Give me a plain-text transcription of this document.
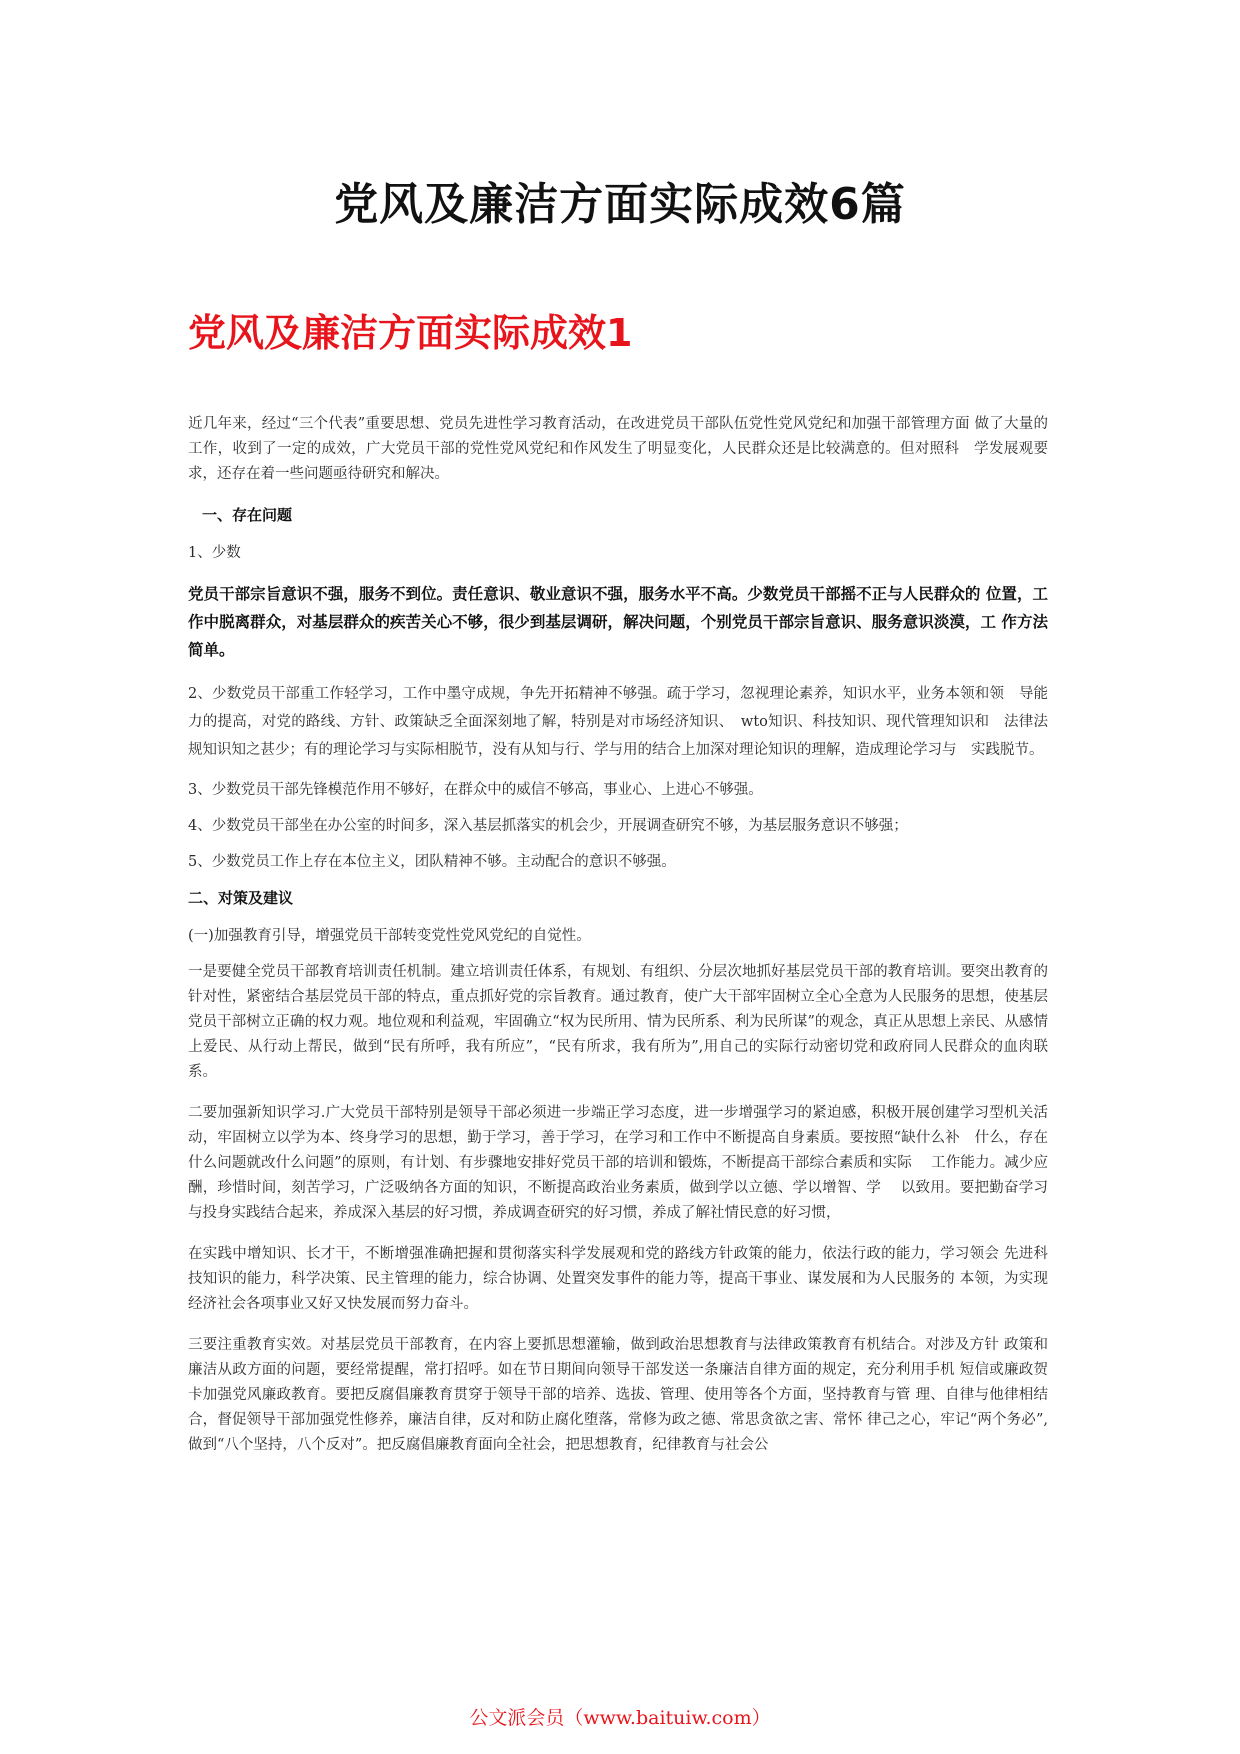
党风及廉洁方面实际成效6篇
党风及廉洁方面实际成效1

近几年来，经过“三个代表”重要思想、党员先进性学习教育活动，在改进党员干部队伍党性党风党纪和加强干部管理方面 做了大量的工作，收到了一定的成效，广大党员干部的党性党风党纪和作风发生了明显变化，人民群众还是比较满意的。但对照科　学发展观要求，还存在着一些问题亟待研究和解决。

一、存在问题

1、少数

党员干部宗旨意识不强，服务不到位。责任意识、敬业意识不强，服务水平不高。少数党员干部摇不正与人民群众的 位置，工　作中脱离群众，对基层群众的疾苦关心不够，很少到基层调研，解决问题，个别党员干部宗旨意识、服务意识淡漠，工 作方法　简单。

2、少数党员干部重工作轻学习，工作中墨守成规，争先开拓精神不够强。疏于学习，忽视理论素养，知识水平，业务本领和领　导能力的提高，对党的路线、方针、政策缺乏全面深刻地了解，特别是对市场经济知识、　wto知识、科技知识、现代管理知识和　法律法规知识知之甚少；有的理论学习与实际相脱节，没有从知与行、学与用的结合上加深对理论知识的理解，造成理论学习与　实践脱节。

3、少数党员干部先锋模范作用不够好，在群众中的威信不够高，事业心、上进心不够强。

4、少数党员干部坐在办公室的时间多，深入基层抓落实的机会少，开展调查研究不够，为基层服务意识不够强；

5、少数党员工作上存在本位主义，团队精神不够。主动配合的意识不够强。

二、对策及建议

(一)加强教育引导，增强党员干部转变党性党风党纪的自觉性。

一是要健全党员干部教育培训责任机制。建立培训责任体系，有规划、有组织、分层次地抓好基层党员干部的教育培训。要突出教育的针对性，紧密结合基层党员干部的特点，重点抓好党的宗旨教育。通过教育，使广大干部牢固树立全心全意为人民服务的思想，使基层党员干部树立正确的权力观。地位观和利益观，牢固确立“权为民所用、情为民所系、利为民所谋”的观念，真正从思想上亲民、从感情上爱民、从行动上帮民，做到“民有所呼，我有所应”，“民有所求，我有所为”,用自己的实际行动密切党和政府同人民群众的血肉联系。

二要加强新知识学习.广大党员干部特别是领导干部必须进一步端正学习态度，进一步增强学习的紧迫感，积极开展创建学习型机关活动，牢固树立以学为本、终身学习的思想，勤于学习，善于学习，在学习和工作中不断提高自身素质。要按照“缺什么补　什么，存在什么问题就改什么问题”的原则，有计划、有步骤地安排好党员干部的培训和锻炼，不断提高干部综合素质和实际　 工作能力。减少应酬，珍惜时间，刻苦学习，广泛吸纳各方面的知识，不断提高政治业务素质，做到学以立德、学以增智、学　 以致用。要把勤奋学习与投身实践结合起来，养成深入基层的好习惯，养成调查研究的好习惯，养成了解社情民意的好习惯，

在实践中增知识、长才干，不断增强准确把握和贯彻落实科学发展观和党的路线方针政策的能力，依法行政的能力，学习领会 先进科技知识的能力，科学决策、民主管理的能力，综合协调、处置突发事件的能力等，提高干事业、谋发展和为人民服务的 本领，为实现经济社会各项事业又好又快发展而努力奋斗。

三要注重教育实效。对基层党员干部教育，在内容上要抓思想灌输，做到政治思想教育与法律政策教育有机结合。对涉及方针 政策和廉洁从政方面的问题，要经常提醒，常打招呼。如在节日期间向领导干部发送一条廉洁自律方面的规定，充分利用手机 短信或廉政贺卡加强党风廉政教育。要把反腐倡廉教育贯穿于领导干部的培养、选拔、管理、使用等各个方面，坚持教育与管 理、自律与他律相结合，督促领导干部加强党性修养，廉洁自律，反对和防止腐化堕落，常修为政之德、常思贪欲之害、常怀 律己之心，牢记“两个务必”,做到“八个坚持，八个反对”。把反腐倡廉教育面向全社会，把思想教育，纪律教育与社会公

公文派会员（www.baituiw.com）
